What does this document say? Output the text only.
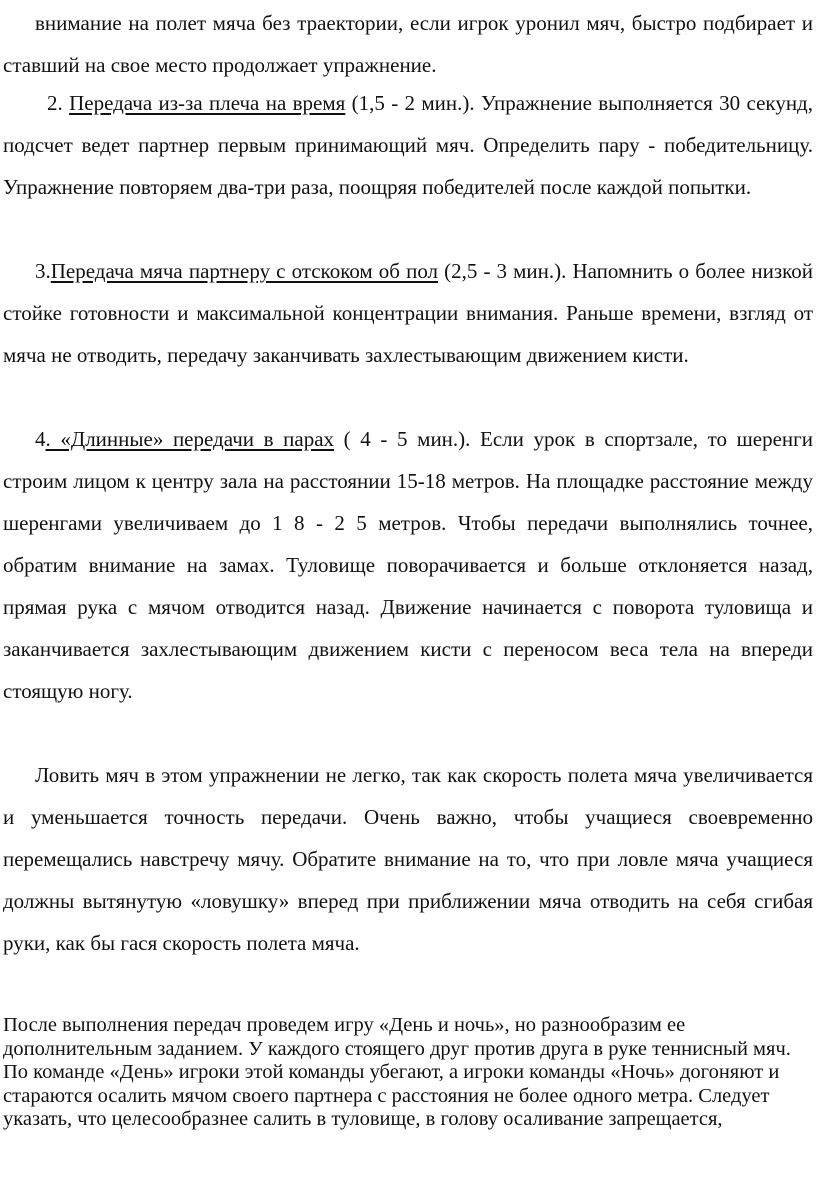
внимание на полет мяча без траектории, если игрок уронил мяч, быстро подбирает и ставший на свое место продолжает упражнение.

2. Передача из-за плеча на время (1,5 - 2 мин.). Упражнение выполняется 30 секунд, подсчет ведет партнер первым принимающий мяч. Определить пару - победительницу. Упражнение повторяем два-три раза, поощряя победителей после каждой попытки.

3.Передача мяча партнеру с отскоком об пол (2,5 - 3 мин.). Напомнить о более низкой стойке готовности и максимальной концентрации внимания. Раньше времени, взгляд от мяча не отводить, передачу заканчивать захлестывающим движением кисти.

4. «Длинные» передачи в парах ( 4 - 5 мин.). Если урок в спортзале, то шеренги строим лицом к центру зала на расстоянии 15-18 метров. На площадке расстояние между шеренгами увеличиваем до 1 8 - 2 5 метров. Чтобы передачи выполнялись точнее, обратим внимание на замах. Туловище поворачивается и больше отклоняется назад, прямая рука с мячом отводится назад. Движение начинается с поворота туловища и заканчивается захлестывающим движением кисти с переносом веса тела на впереди стоящую ногу.

Ловить мяч в этом упражнении не легко, так как скорость полета мяча увеличивается и уменьшается точность передачи. Очень важно, чтобы учащиеся своевременно перемещались навстречу мячу. Обратите внимание на то, что при ловле мяча учащиеся должны вытянутую «ловушку» вперед при приближении мяча отводить на себя сгибая руки, как бы гася скорость полета мяча.

После выполнения передач проведем игру «День и ночь», но разнообразим ее дополнительным заданием. У каждого стоящего друг против друга в руке теннисный мяч. По команде «День» игроки этой команды убегают, а игроки команды «Ночь» догоняют и стараются осалить мячом своего партнера с расстояния не более одного метра. Следует указать, что целесообразнее салить в туловище, в голову осаливание запрещается,
